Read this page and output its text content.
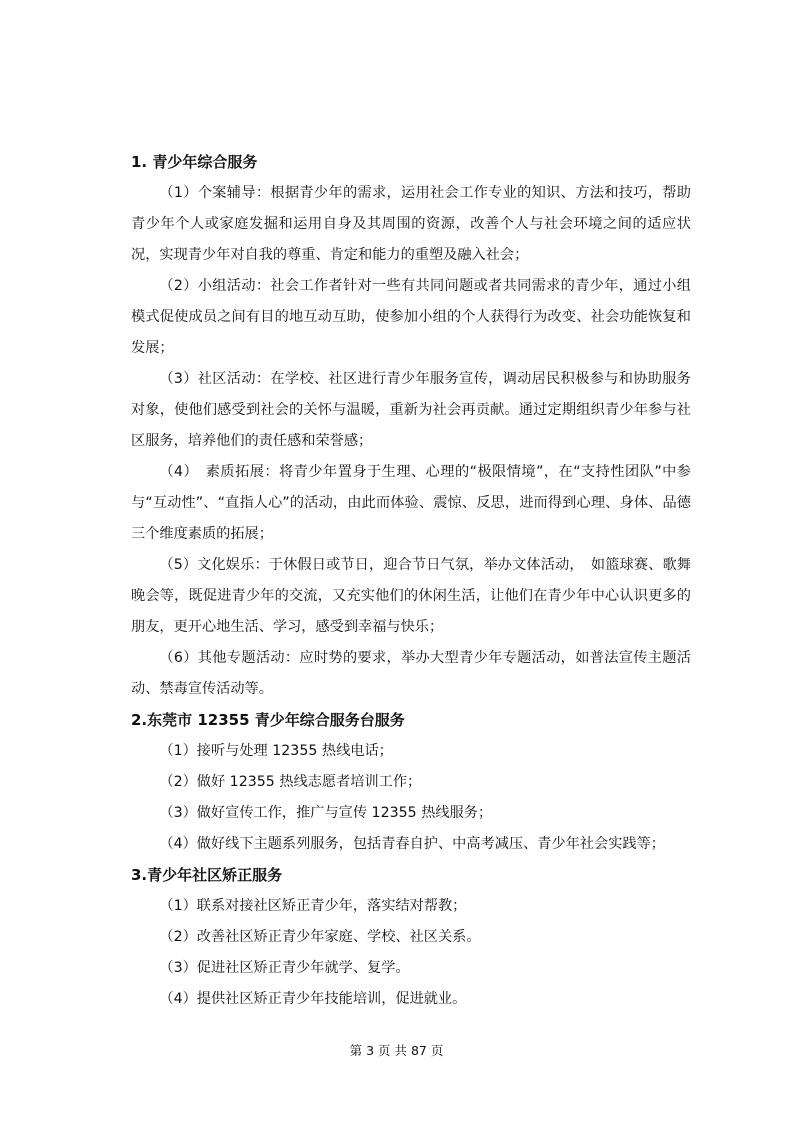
1. 青少年综合服务

（1）个案辅导：根据青少年的需求，运用社会工作专业的知识、方法和技巧，帮助青少年个人或家庭发掘和运用自身及其周围的资源，改善个人与社会环境之间的适应状况，实现青少年对自我的尊重、肯定和能力的重塑及融入社会；

（2）小组活动：社会工作者针对一些有共同问题或者共同需求的青少年，通过小组模式促使成员之间有目的地互动互助，使参加小组的个人获得行为改变、社会功能恢复和发展；

（3）社区活动：在学校、社区进行青少年服务宣传，调动居民积极参与和协助服务对象，使他们感受到社会的关怀与温暖，重新为社会再贡献。通过定期组织青少年参与社区服务，培养他们的责任感和荣誉感；

（4）　素质拓展：将青少年置身于生理、心理的“极限情境”，在“支持性团队”中参与“互动性”、“直指人心”的活动，由此而体验、震惊、反思，进而得到心理、身体、品德三个维度素质的拓展；

（5）文化娱乐：于休假日或节日，迎合节日气氛，举办文体活动，　如篮球赛、歌舞晚会等，既促进青少年的交流，又充实他们的休闲生活，让他们在青少年中心认识更多的朋友，更开心地生活、学习，感受到幸福与快乐；

（6）其他专题活动：应时势的要求，举办大型青少年专题活动，如普法宣传主题活动、禁毒宣传活动等。

2.东莞市 12355 青少年综合服务台服务

（1）接听与处理 12355 热线电话；

（2）做好 12355 热线志愿者培训工作；

（3）做好宣传工作，推广与宣传 12355 热线服务；

（4）做好线下主题系列服务，包括青春自护、中高考减压、青少年社会实践等；

3.青少年社区矫正服务

（1）联系对接社区矫正青少年，落实结对帮教；

（2）改善社区矫正青少年家庭、学校、社区关系。

（3）促进社区矫正青少年就学、复学。

（4）提供社区矫正青少年技能培训，促进就业。

第 3 页 共 87 页
